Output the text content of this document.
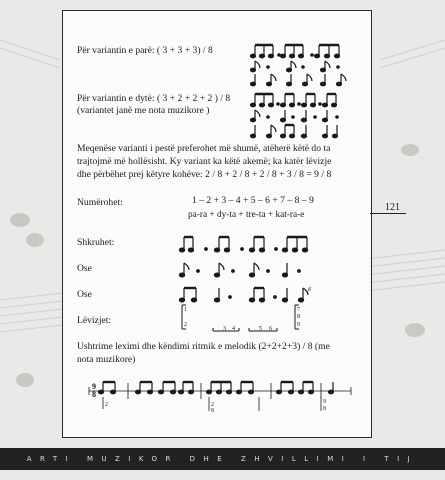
Për variantin e parë: ( 3 + 3 + 3) / 8
Për variantin e dytë: ( 3 + 2 + 2 + 2 ) / 8
(variantet janë me nota muzikore )
Meqenëse varianti i pestë preferohet më shumë, atëherë këtë do ta
trajtojmë më hollësisht. Ky variant ka këtë akemë; ka katër lëvizje
dhe përbëhet prej këtyre kohëve: 2 / 8 + 2 / 8 + 2 / 8 + 3 / 8 = 9 / 8
Numërohet:	1 – 2 + 3 – 4 + 5 – 6 + 7 – 8 – 9
pa-ra + dy-ta + tre-ta + kat-ra-e
Shkruhet:
Ose
Ose
Lëvizjet:
Ushtrime leximi dhe këndimi ritmik e melodik (2+2+2+3) / 8 (me
nota muzikore)
1
2
7
8
9
3 4	5 6
♯
2	2
8
9
8
9
8
121
ARTI MUZIKOR DHE ZHVILLIMI I TIJ
